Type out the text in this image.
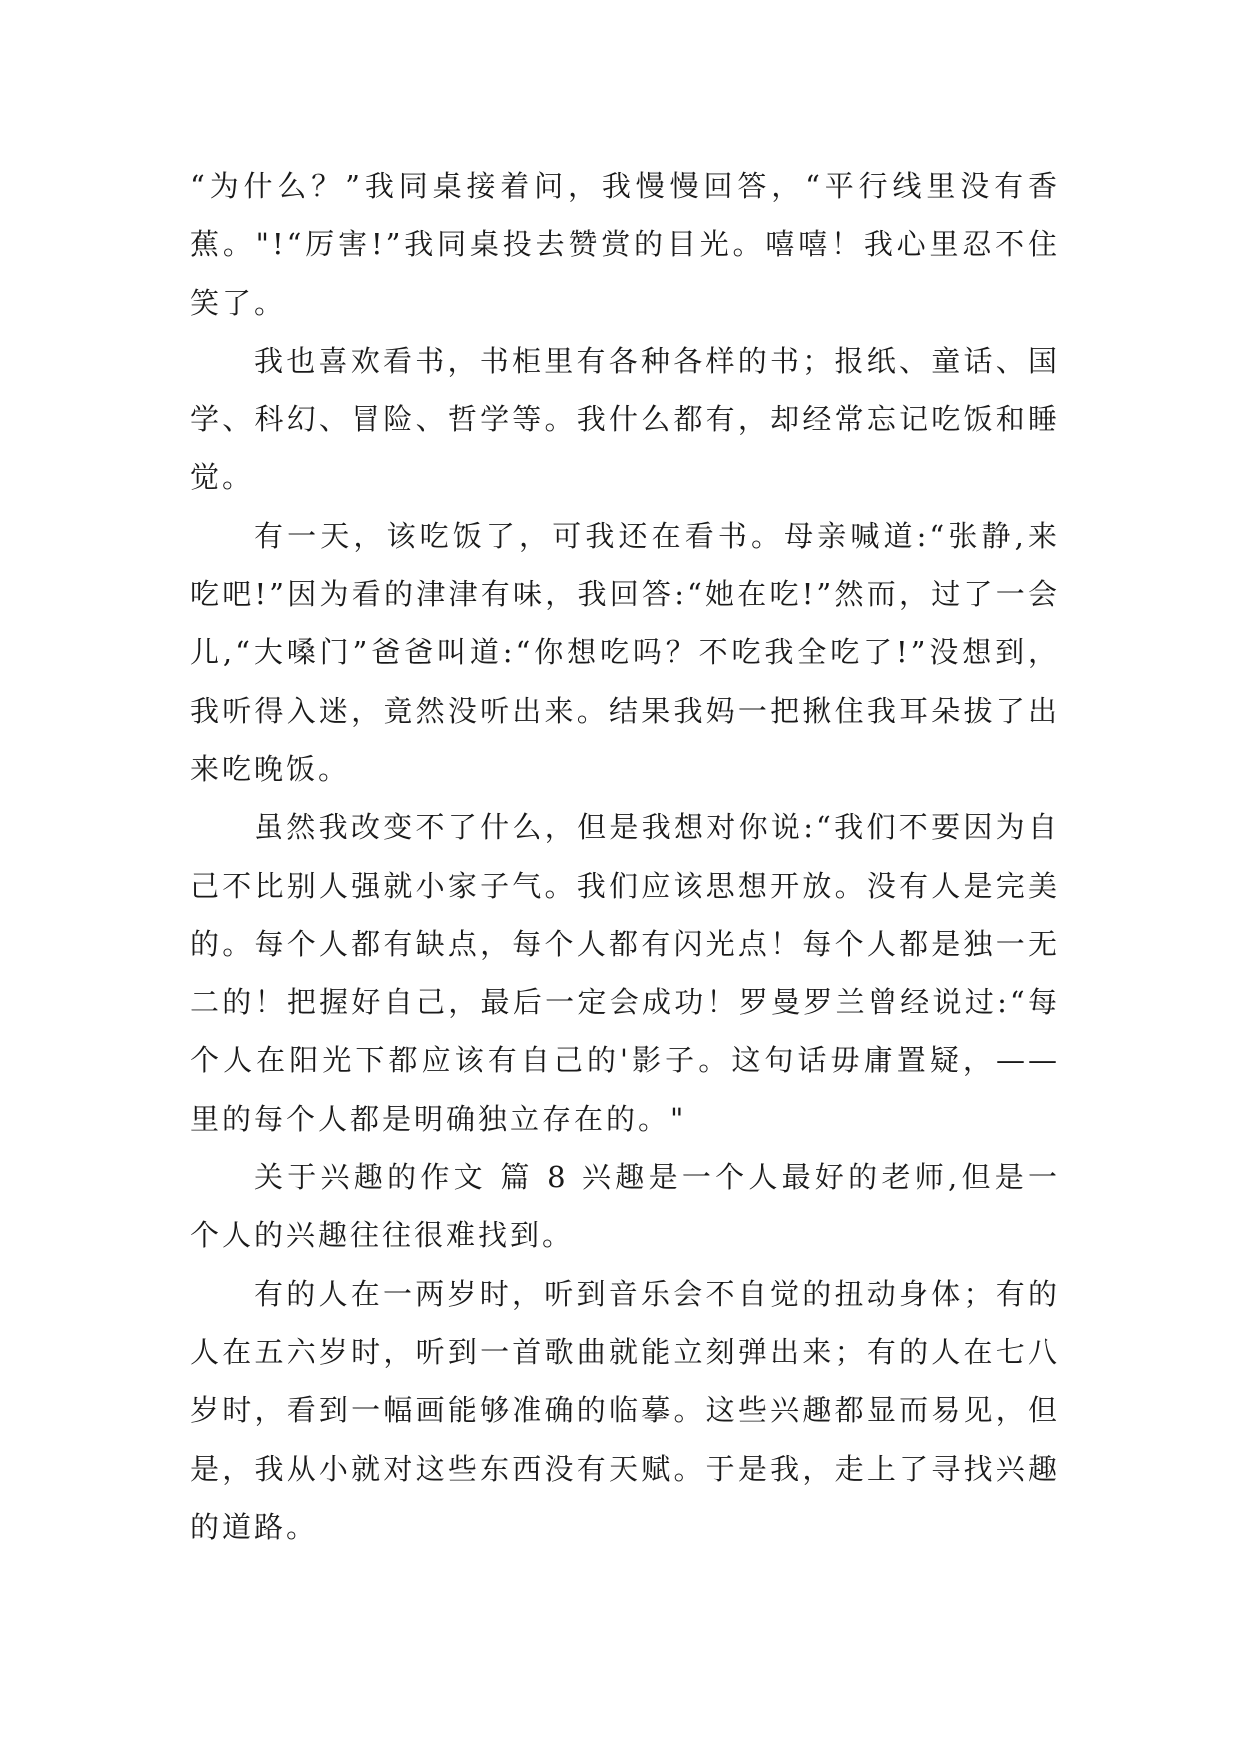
“为什么？”我同桌接着问，我慢慢回答，“平行线里没有香蕉。"!“厉害!”我同桌投去赞赏的目光。嘻嘻！我心里忍不住笑了。

我也喜欢看书，书柜里有各种各样的书；报纸、童话、国学、科幻、冒险、哲学等。我什么都有，却经常忘记吃饭和睡觉。

有一天，该吃饭了，可我还在看书。母亲喊道:“张静,来吃吧!”因为看的津津有味，我回答:“她在吃!”然而，过了一会儿,“大嗓门”爸爸叫道:“你想吃吗？不吃我全吃了!”没想到，我听得入迷，竟然没听出来。结果我妈一把揪住我耳朵拔了出来吃晚饭。

虽然我改变不了什么，但是我想对你说:“我们不要因为自己不比别人强就小家子气。我们应该思想开放。没有人是完美的。每个人都有缺点，每个人都有闪光点！每个人都是独一无二的！把握好自己，最后一定会成功！罗曼罗兰曾经说过:“每个人在阳光下都应该有自己的'影子。这句话毋庸置疑，——里的每个人都是明确独立存在的。"

关于兴趣的作文 篇 8 兴趣是一个人最好的老师,但是一个人的兴趣往往很难找到。

有的人在一两岁时，听到音乐会不自觉的扭动身体；有的人在五六岁时，听到一首歌曲就能立刻弹出来；有的人在七八岁时，看到一幅画能够准确的临摹。这些兴趣都显而易见，但是，我从小就对这些东西没有天赋。于是我，走上了寻找兴趣的道路。
